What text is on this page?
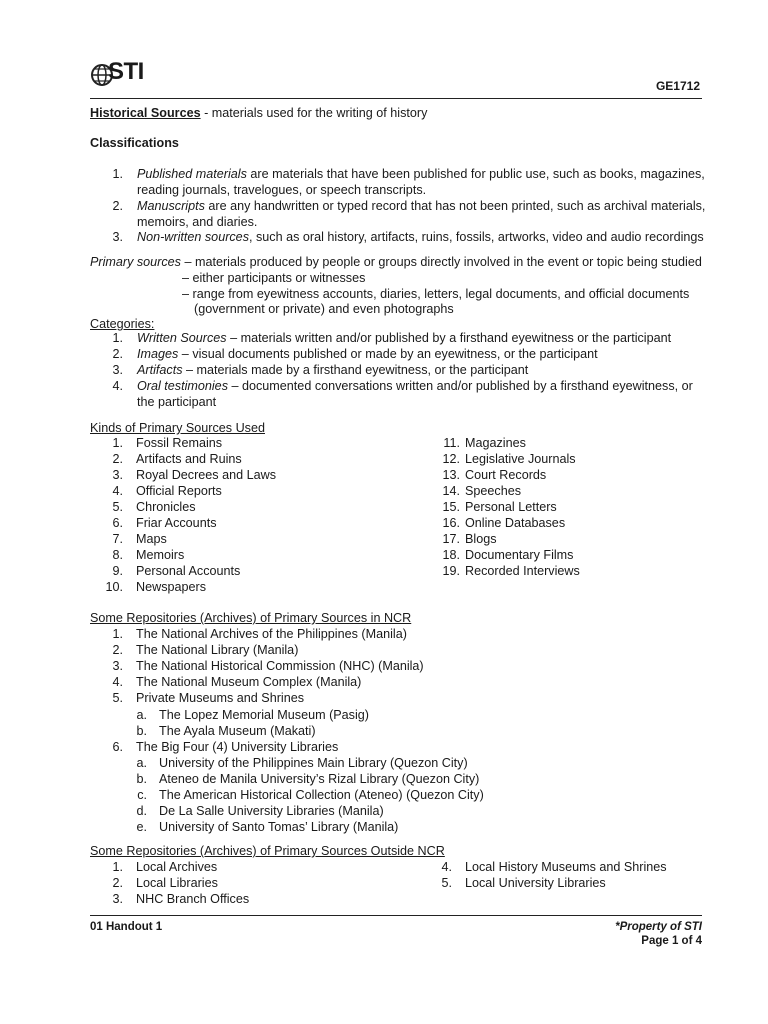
STI
GE1712
Historical Sources - materials used for the writing of history
Classifications
1. Published materials are materials that have been published for public use, such as books, magazines,
reading journals, travelogues, or speech transcripts.
2. Manuscripts are any handwritten or typed record that has not been printed, such as archival materials,
memoirs, and diaries.
3. Non-written sources, such as oral history, artifacts, ruins, fossils, artworks, video and audio recordings
Primary sources – materials produced by people or groups directly involved in the event or topic being studied
– either participants or witnesses
– range from eyewitness accounts, diaries, letters, legal documents, and official documents
(government or private) and even photographs
Categories:
1. Written Sources – materials written and/or published by a firsthand eyewitness or the participant
2. Images – visual documents published or made by an eyewitness, or the participant
3. Artifacts – materials made by a firsthand eyewitness, or the participant
4. Oral testimonies – documented conversations written and/or published by a firsthand eyewitness, or
the participant
Kinds of Primary Sources Used
1. Fossil Remains
2. Artifacts and Ruins
3. Royal Decrees and Laws
4. Official Reports
5. Chronicles
6. Friar Accounts
7. Maps
8. Memoirs
9. Personal Accounts
10. Newspapers
11. Magazines
12. Legislative Journals
13. Court Records
14. Speeches
15. Personal Letters
16. Online Databases
17. Blogs
18. Documentary Films
19. Recorded Interviews
Some Repositories (Archives) of Primary Sources in NCR
1. The National Archives of the Philippines (Manila)
2. The National Library (Manila)
3. The National Historical Commission (NHC) (Manila)
4. The National Museum Complex (Manila)
5. Private Museums and Shrines
a. The Lopez Memorial Museum (Pasig)
b. The Ayala Museum (Makati)
6. The Big Four (4) University Libraries
a. University of the Philippines Main Library (Quezon City)
b. Ateneo de Manila University’s Rizal Library (Quezon City)
c. The American Historical Collection (Ateneo) (Quezon City)
d. De La Salle University Libraries (Manila)
e. University of Santo Tomas’ Library (Manila)
Some Repositories (Archives) of Primary Sources Outside NCR
1. Local Archives
2. Local Libraries
3. NHC Branch Offices
4. Local History Museums and Shrines
5. Local University Libraries
01 Handout 1	*Property of STI
Page 1 of 4
